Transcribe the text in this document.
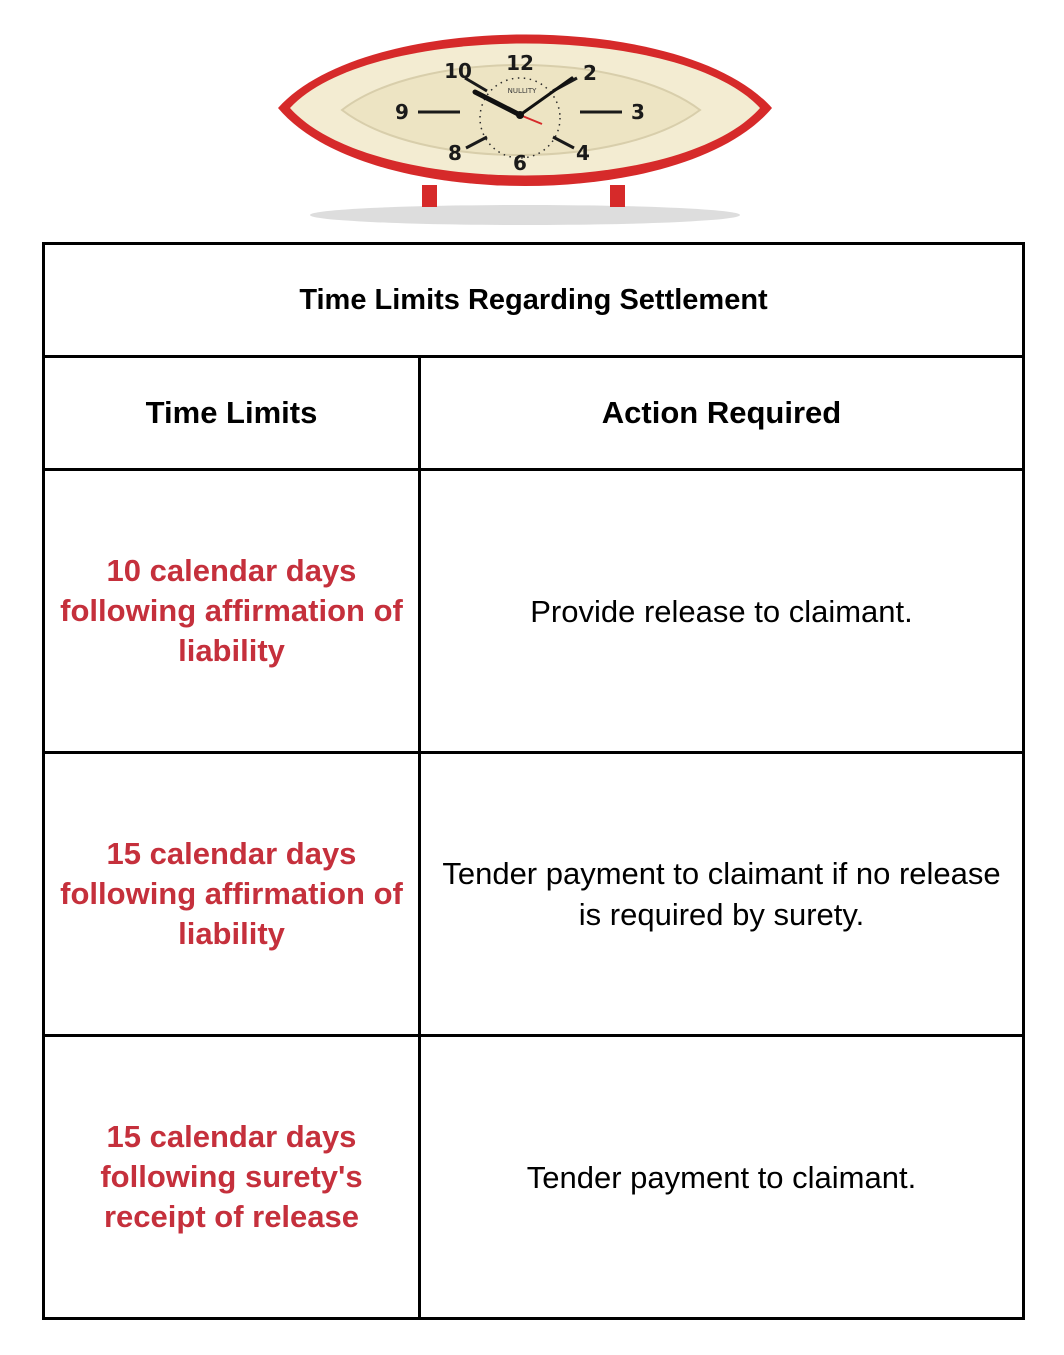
12 2
3
4
6
8
9
10
NULLITY
Time Limits Regarding Settlement	
Time Limits	Action Required
10 calendar days following affirmation of liability	Provide release to claimant.
15 calendar days following affirmation of liability	Tender payment to claimant if no release is required by surety.
15 calendar days following surety's receipt of release	Tender payment to claimant.
